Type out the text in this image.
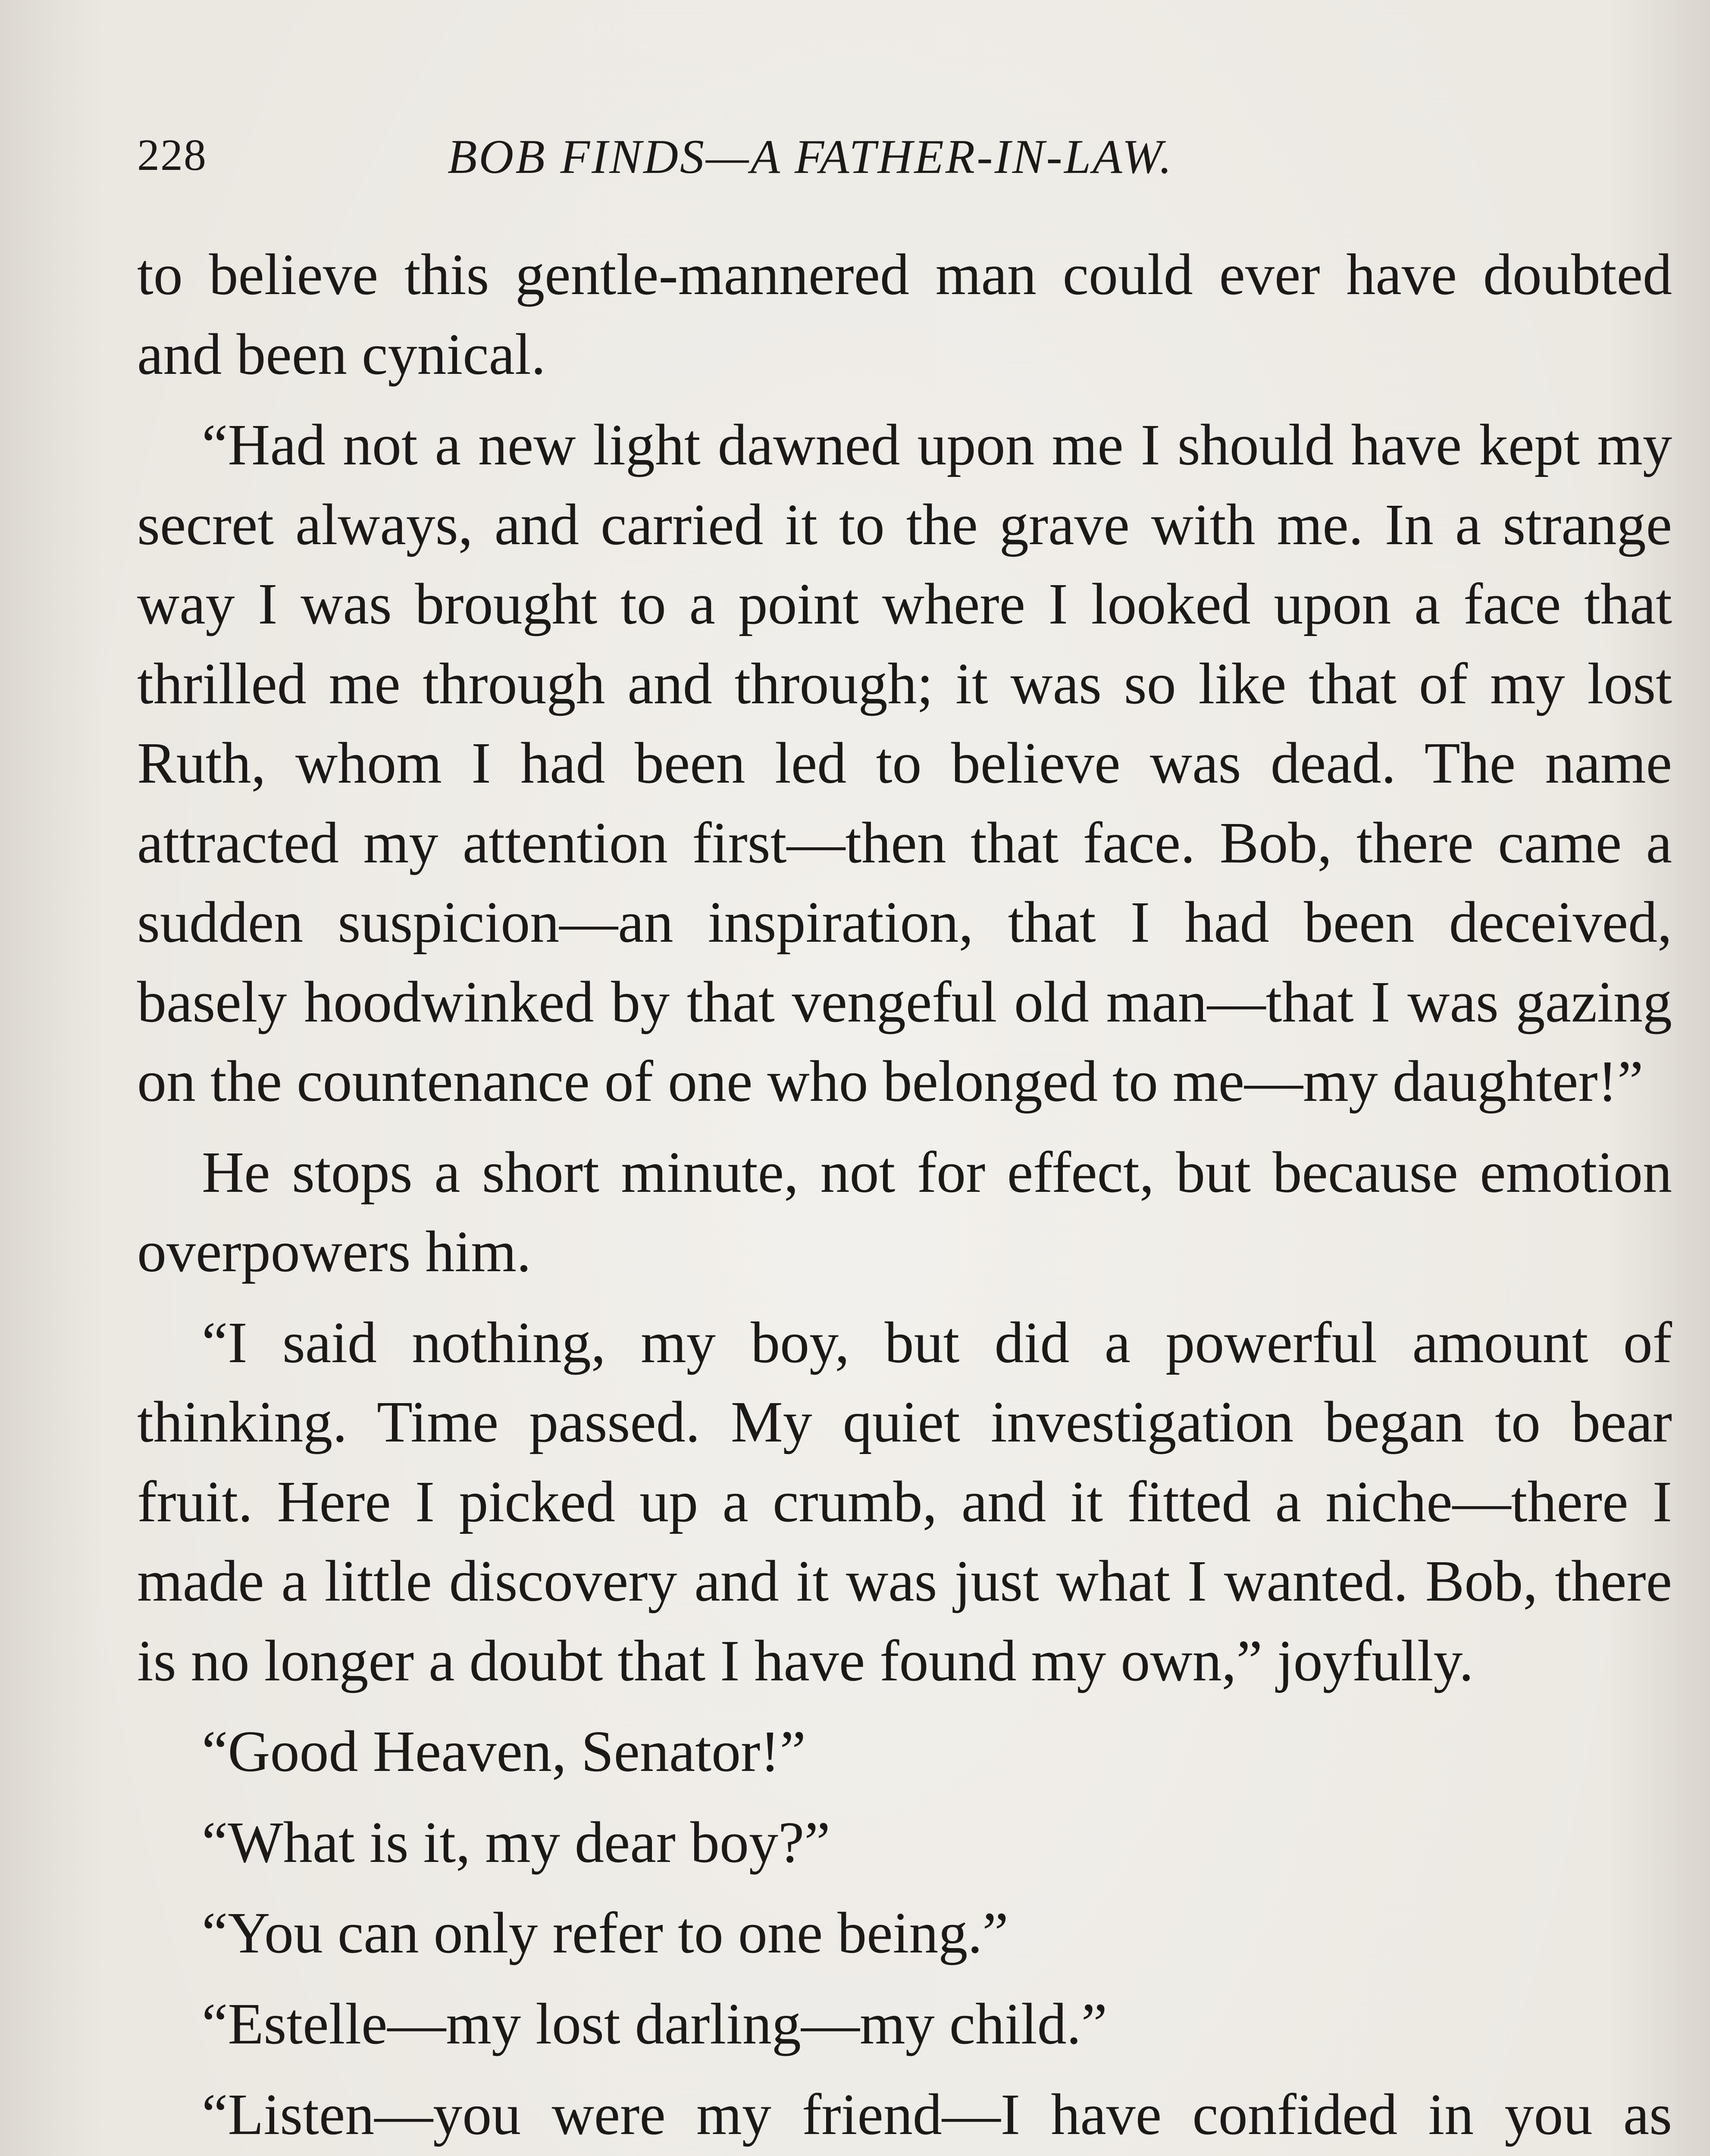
228	BOB FINDS—A FATHER-IN-LAW.

to believe this gentle-mannered man could ever have doubted and been cynical.

“Had not a new light dawned upon me I should have kept my secret always, and carried it to the grave with me. In a strange way I was brought to a point where I looked upon a face that thrilled me through and through; it was so like that of my lost Ruth, whom I had been led to believe was dead. The name attracted my attention first—then that face. Bob, there came a sudden suspicion—an inspiration, that I had been deceived, basely hoodwinked by that vengeful old man—that I was gazing on the countenance of one who belonged to me—my daughter!”

He stops a short minute, not for effect, but because emotion overpowers him.

“I said nothing, my boy, but did a powerful amount of thinking. Time passed. My quiet investigation began to bear fruit. Here I picked up a crumb, and it fitted a niche—there I made a little discovery and it was just what I wanted. Bob, there is no longer a doubt that I have found my own,” joyfully.

“Good Heaven, Senator!”

“What is it, my dear boy?”

“You can only refer to one being.”

“Estelle—my lost darling—my child.”

“Listen—you were my friend—I have confided in you as
